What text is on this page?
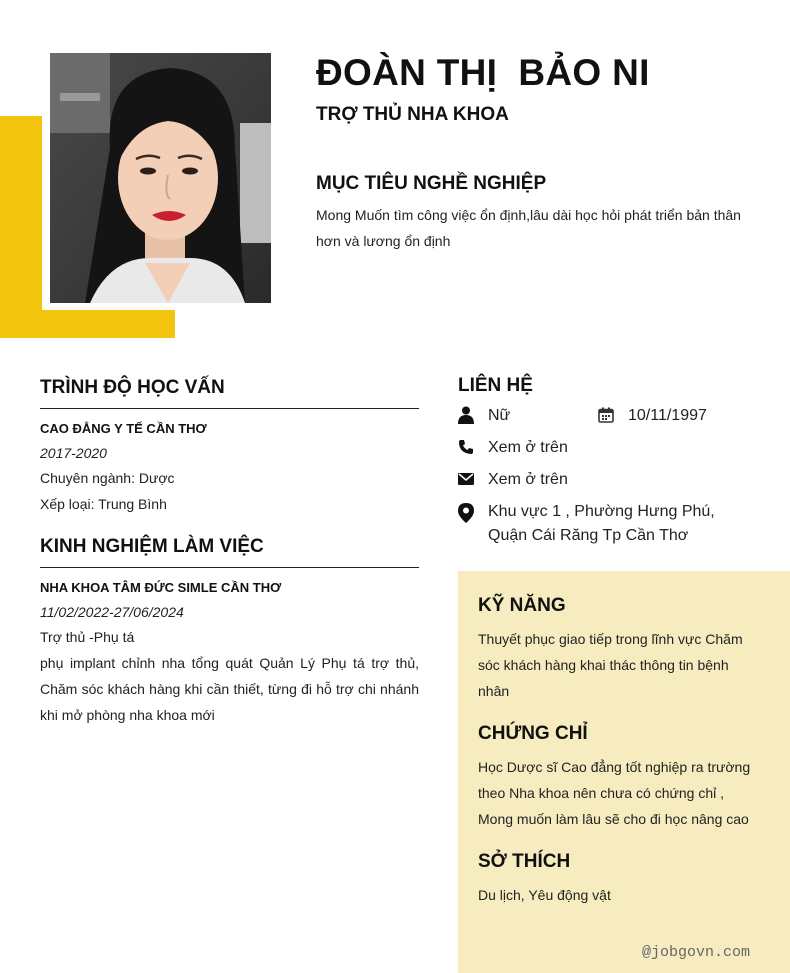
ĐOÀN THỊ  BẢO NI
TRỢ THỦ NHA KHOA
MỤC TIÊU NGHỀ NGHIỆP
Mong Muốn tìm công việc ổn định,lâu dài học hỏi phát triển bản thân hơn và lương ổn định
TRÌNH ĐỘ HỌC VẤN
CAO ĐẲNG Y TẾ CẦN THƠ
2017-2020
Chuyên ngành: Dược
Xếp loại: Trung Bình
KINH NGHIỆM LÀM VIỆC
NHA KHOA TÂM ĐỨC SIMLE CẦN THƠ
11/02/2022-27/06/2024
Trợ thủ -Phụ tá
phụ implant chỉnh nha tổng quát Quản Lý Phụ tá trợ thủ, Chăm sóc khách hàng khi cần thiết, từng đi hỗ trợ chi nhánh khi mở phòng nha khoa mới
LIÊN HỆ
Nữ	10/11/1997
Xem ở trên
Xem ở trên
Khu vực 1 , Phường Hưng Phú, Quận Cái Răng Tp Cần Thơ
KỸ NĂNG
Thuyết phục giao tiếp trong lĩnh vực Chăm sóc khách hàng khai thác thông tin bệnh nhân
CHỨNG CHỈ
Học Dược sĩ Cao đẳng tốt nghiệp ra trường theo Nha khoa nên chưa có chứng chỉ , Mong muốn làm lâu sẽ cho đi học nâng cao
SỞ THÍCH
Du lịch, Yêu động vật
@jobgovn.com
